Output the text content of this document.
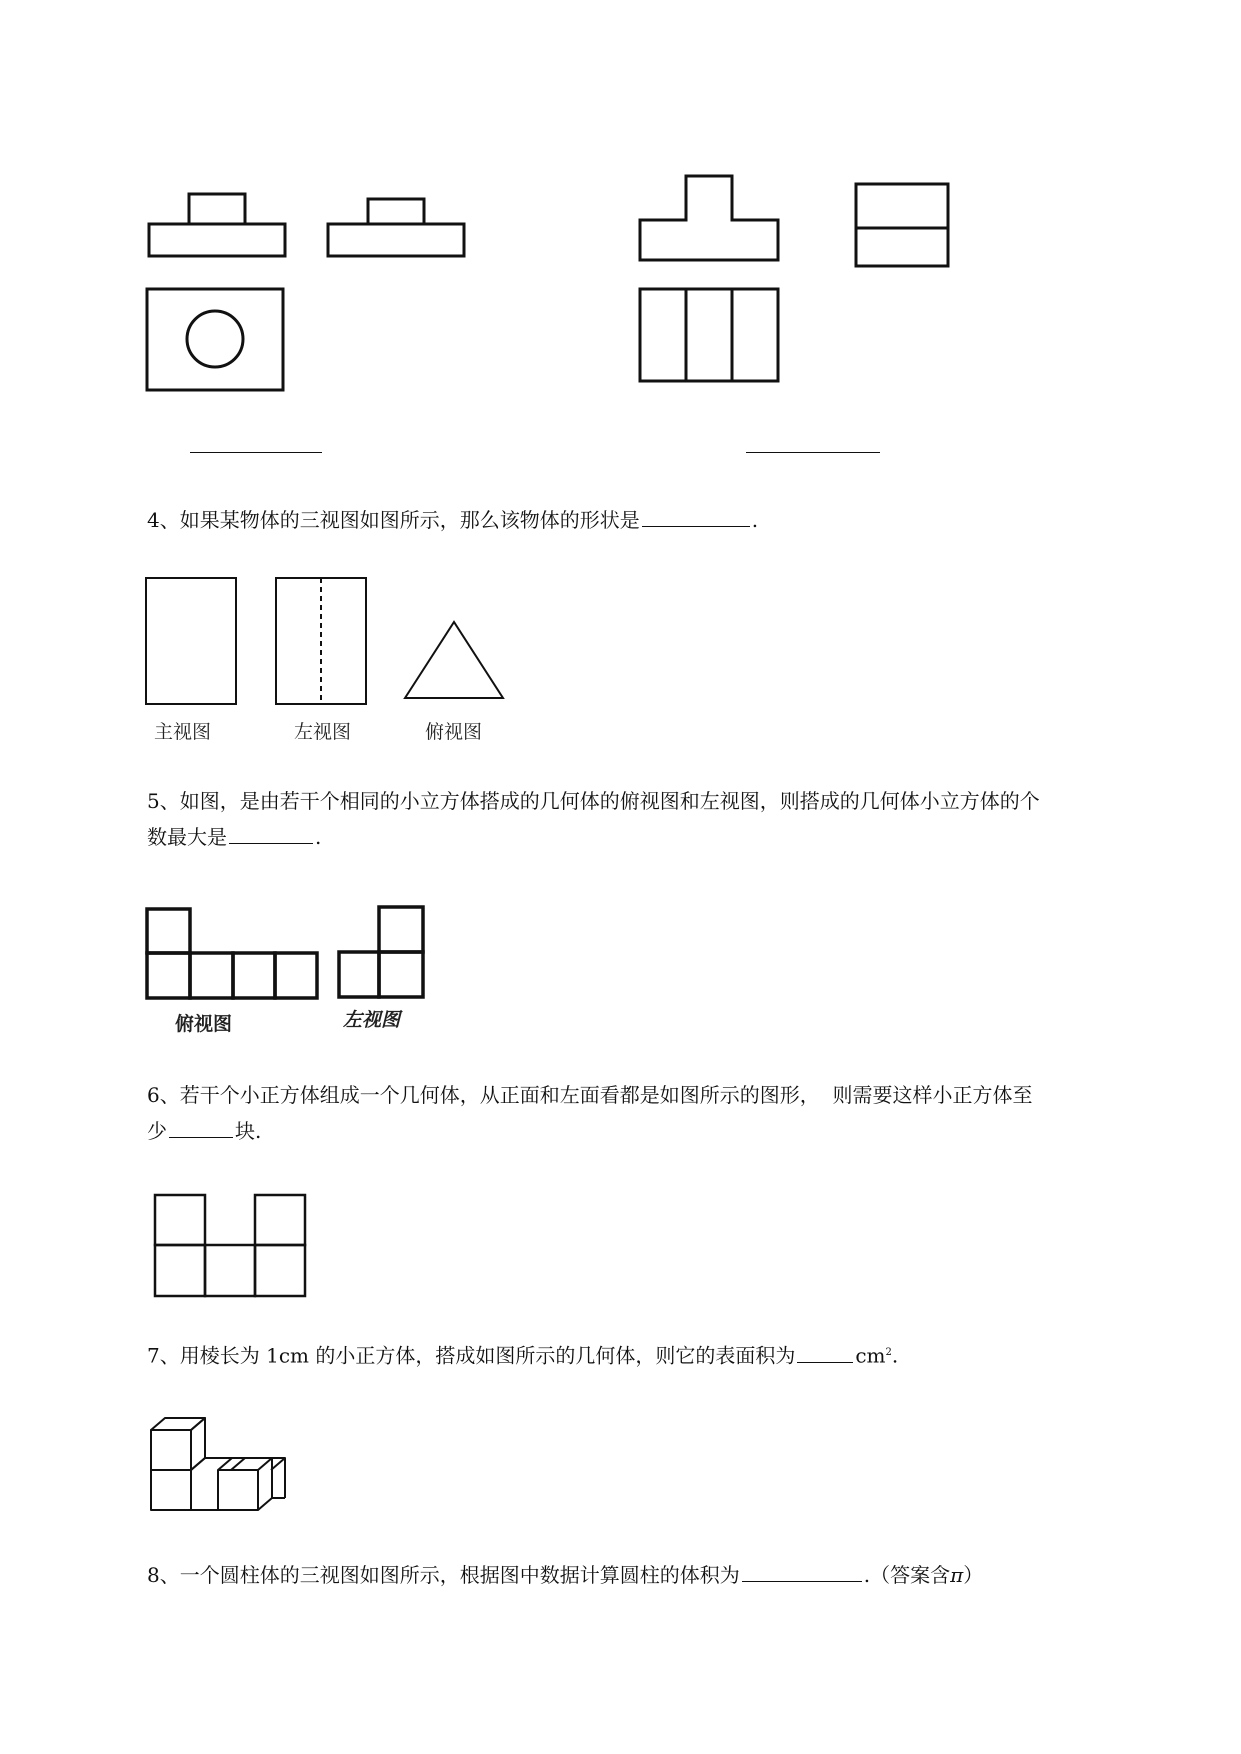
4、如果某物体的三视图如图所示，那么该物体的形状是	.
主视图	左视图	俯视图
5、如图，是由若干个相同的小立方体搭成的几何体的俯视图和左视图，则搭成的几何体小立方体的个
数最大是	.
俯视图	左视图
6、若干个小正方体组成一个几何体，从正面和左面看都是如图所示的图形，  则需要这样小正方体至
少	块.
7、用棱长为 1cm 的小正方体，搭成如图所示的几何体，则它的表面积为	$cm^2$.
8、一个圆柱体的三视图如图所示，根据图中数据计算圆柱的体积为	.（答案含π）
